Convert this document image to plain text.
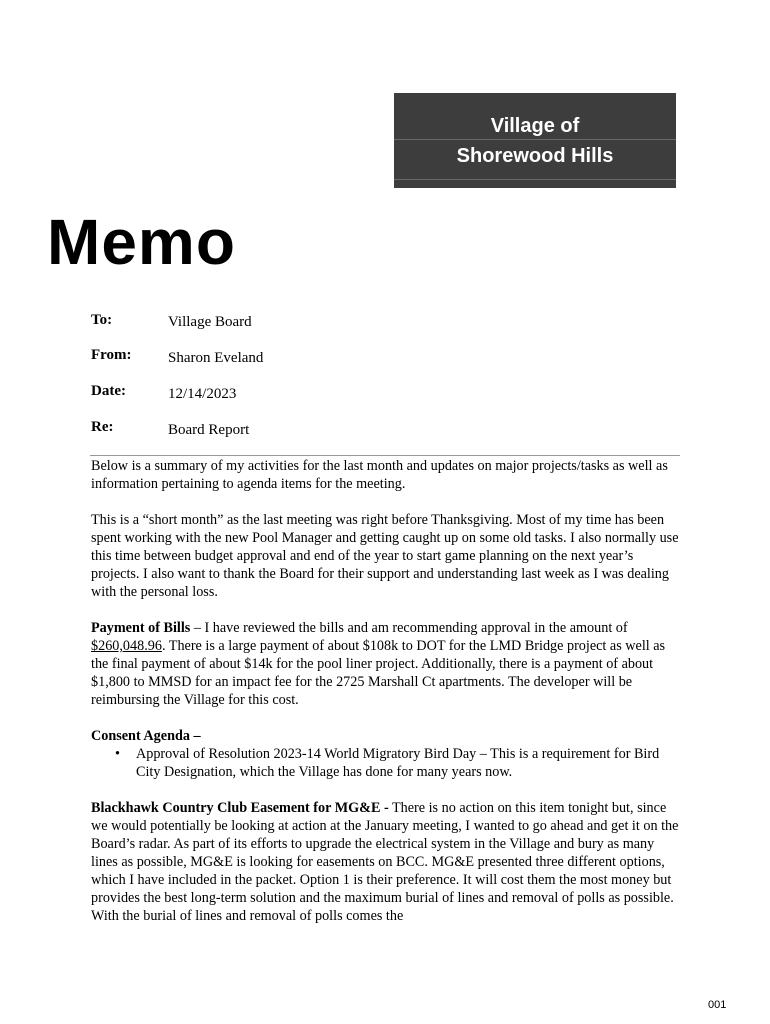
Village of
Shorewood Hills
Memo
To:	Village Board
From: Sharon Eveland
Date:	12/14/2023
Re:	Board Report

Below is a summary of my activities for the last month and updates on major projects/tasks as well as information pertaining to agenda items for the meeting.

This is a “short month” as the last meeting was right before Thanksgiving. Most of my time has been spent working with the new Pool Manager and getting caught up on some old tasks. I also normally use this time between budget approval and end of the year to start game planning on the next year’s projects. I also want to thank the Board for their support and understanding last week as I was dealing with the personal loss.

Payment of Bills – I have reviewed the bills and am recommending approval in the amount of $260,048.96. There is a large payment of about $108k to DOT for the LMD Bridge project as well as the final payment of about $14k for the pool liner project. Additionally, there is a payment of about $1,800 to MMSD for an impact fee for the 2725 Marshall Ct apartments. The developer will be reimbursing the Village for this cost.

Consent Agenda –
•	Approval of Resolution 2023-14 World Migratory Bird Day – This is a requirement for Bird City Designation, which the Village has done for many years now.

Blackhawk Country Club Easement for MG&E - There is no action on this item tonight but, since we would potentially be looking at action at the January meeting, I wanted to go ahead and get it on the Board’s radar. As part of its efforts to upgrade the electrical system in the Village and bury as many lines as possible, MG&E is looking for easements on BCC. MG&E presented three different options, which I have included in the packet. Option 1 is their preference. It will cost them the most money but provides the best long-term solution and the maximum burial of lines and removal of polls as possible. With the burial of lines and removal of polls comes the

001
